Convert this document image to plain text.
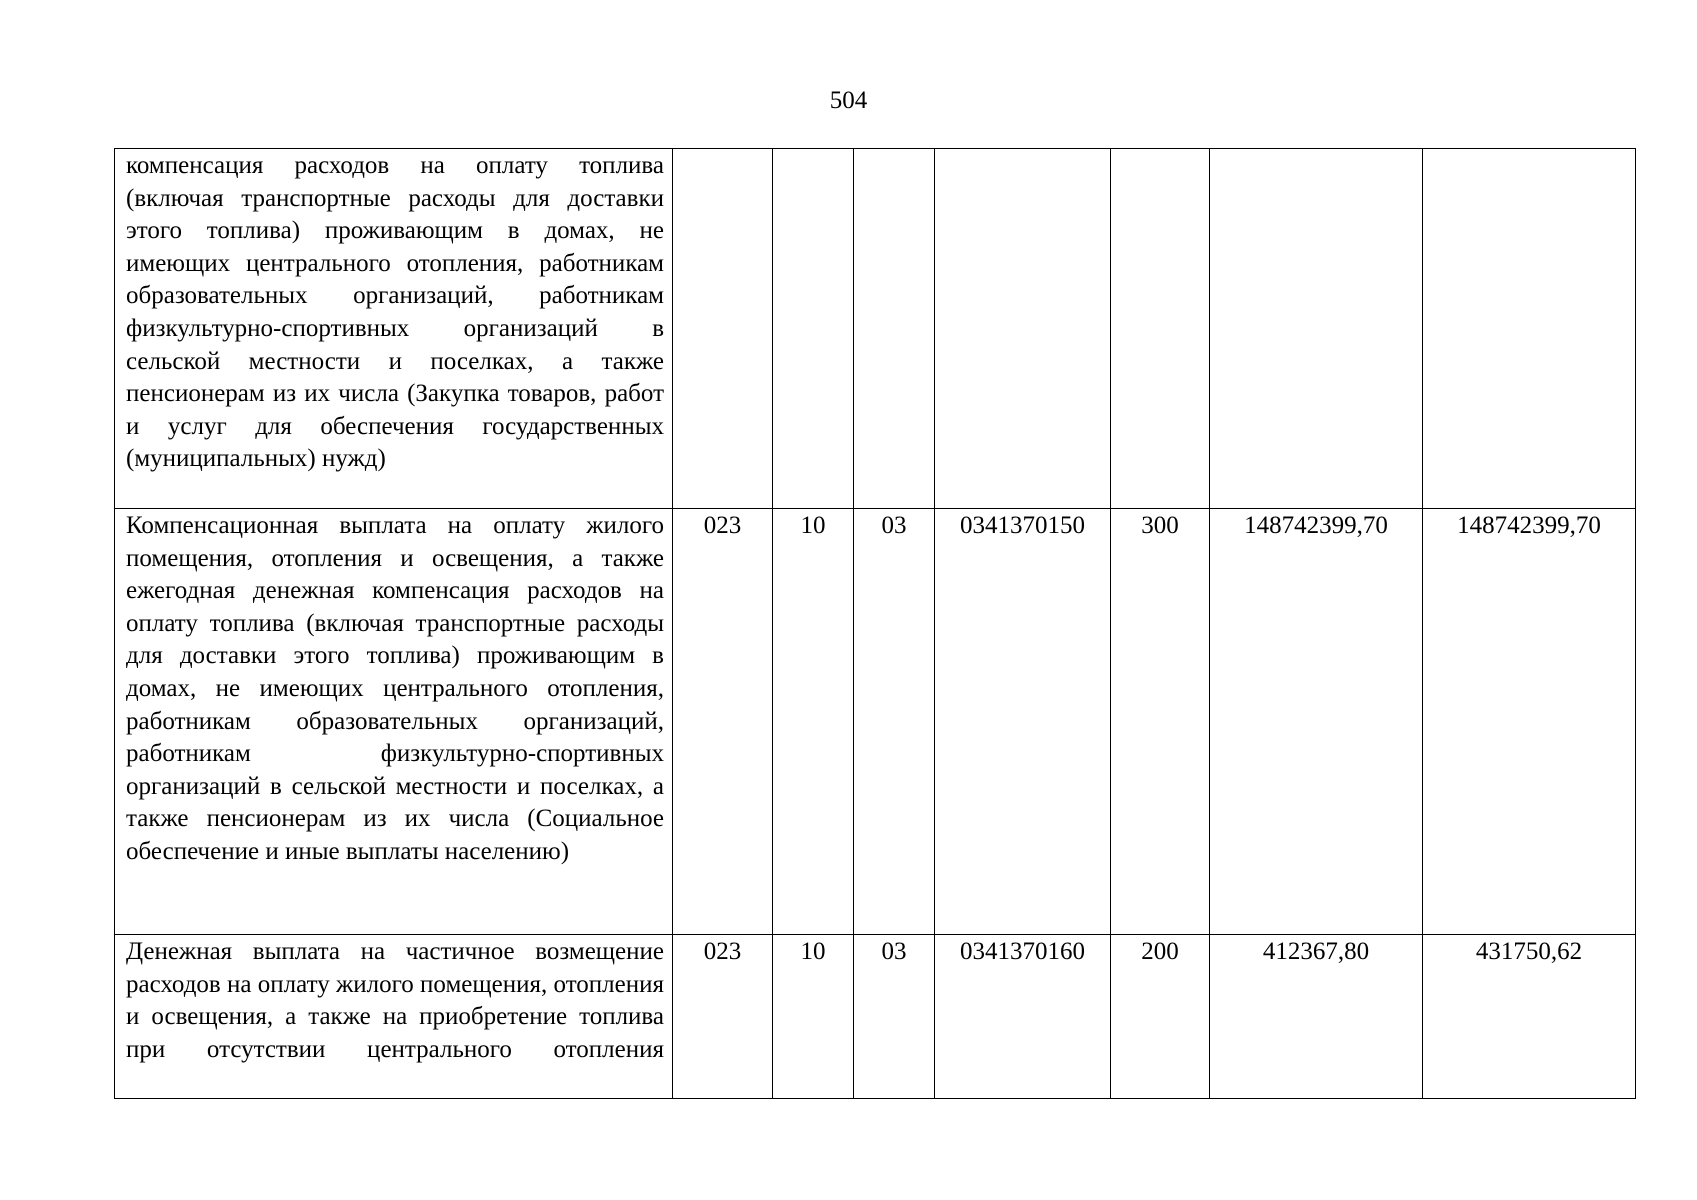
504
компенсация расходов на оплату топлива (включая транспортные расходы для доставки этого топлива) проживающим в домах, не имеющих центрального отопления, работникам образовательных организаций, работникам физкультурно-спортивных организаций в сельской местности и поселках, а также пенсионерам из их числа (Закупка товаров, работ и услуг для обеспечения государственных (муниципальных) нужд)							
Компенсационная выплата на оплату жилого помещения, отопления и освещения, а также ежегодная денежная компенсация расходов на оплату топлива (включая транспортные расходы для доставки этого топлива) проживающим в домах, не имеющих центрального отопления, работникам образовательных организаций, работникам физкультурно-спортивных организаций в сельской местности и поселках, а также пенсионерам из их числа (Социальное обеспечение и иные выплаты населению)	023	10	03	0341370150	300	148742399,70	148742399,70
Денежная выплата на частичное возмещение расходов на оплату жилого помещения, отопления и освещения, а также на приобретение топлива при отсутствии центрального отопления	023	10	03	0341370160	200	412367,80	431750,62
